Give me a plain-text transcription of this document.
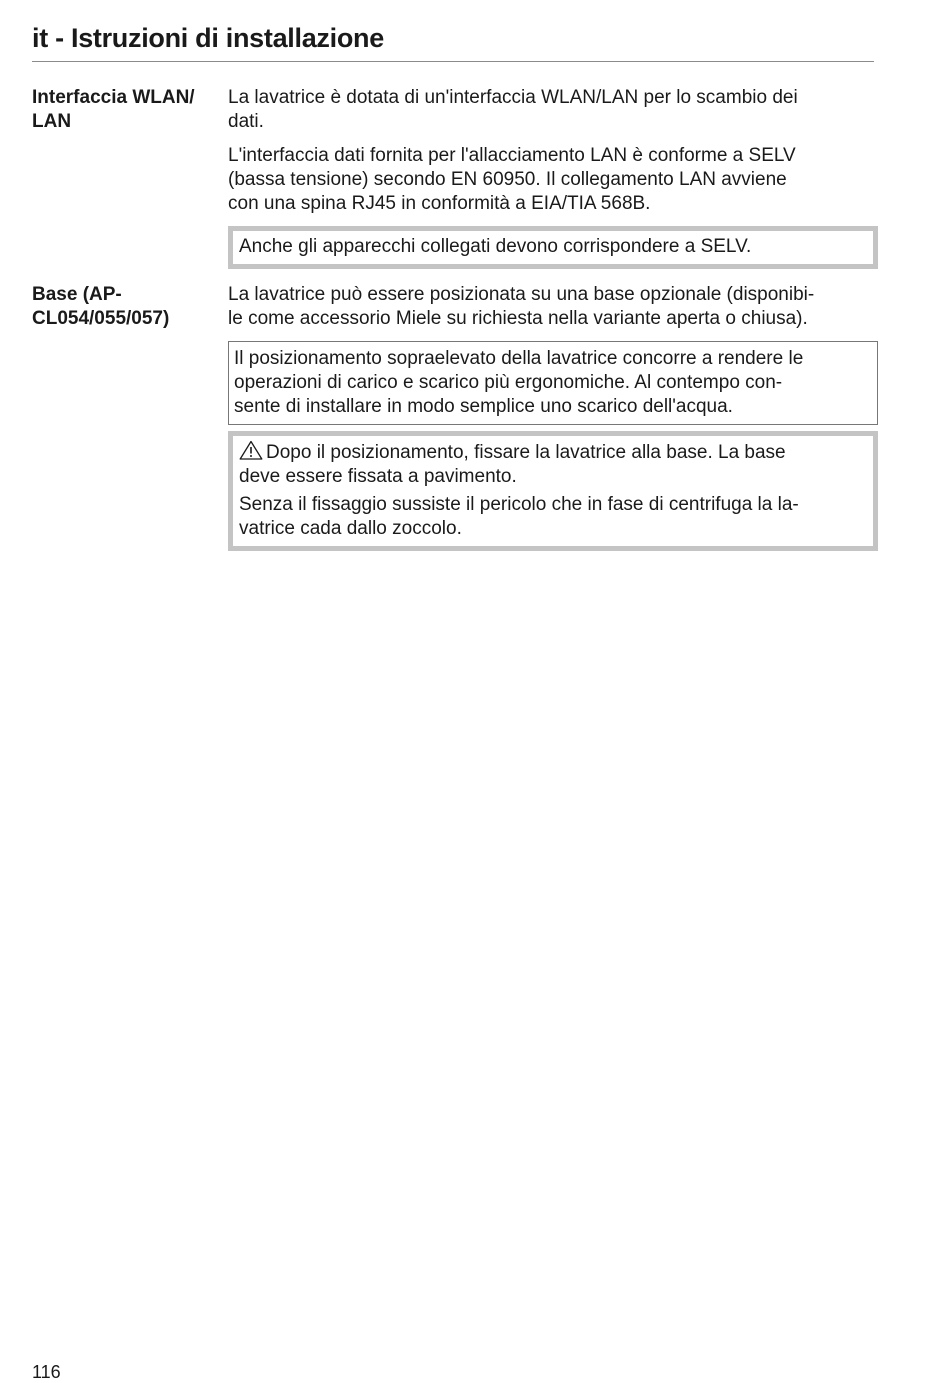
it - Istruzioni di installazione
Interfaccia WLAN/
LAN

La lavatrice è dotata di un'interfaccia WLAN/LAN per lo scambio dei
dati.

L'interfaccia dati fornita per l'allacciamento LAN è conforme a SELV
(bassa tensione) secondo EN 60950. Il collegamento LAN avviene
con una spina RJ45 in conformità a EIA/TIA 568B.

Anche gli apparecchi collegati devono corrispondere a SELV.
Base (AP-
CL054/055/057)

La lavatrice può essere posizionata su una base opzionale (disponibi-
le come accessorio Miele su richiesta nella variante aperta o chiusa).

Il posizionamento sopraelevato della lavatrice concorre a rendere le
operazioni di carico e scarico più ergonomiche. Al contempo con-
sente di installare in modo semplice uno scarico dell'acqua.

Dopo il posizionamento, fissare la lavatrice alla base. La base
deve essere fissata a pavimento.

Senza il fissaggio sussiste il pericolo che in fase di centrifuga la la-
vatrice cada dallo zoccolo.

116
